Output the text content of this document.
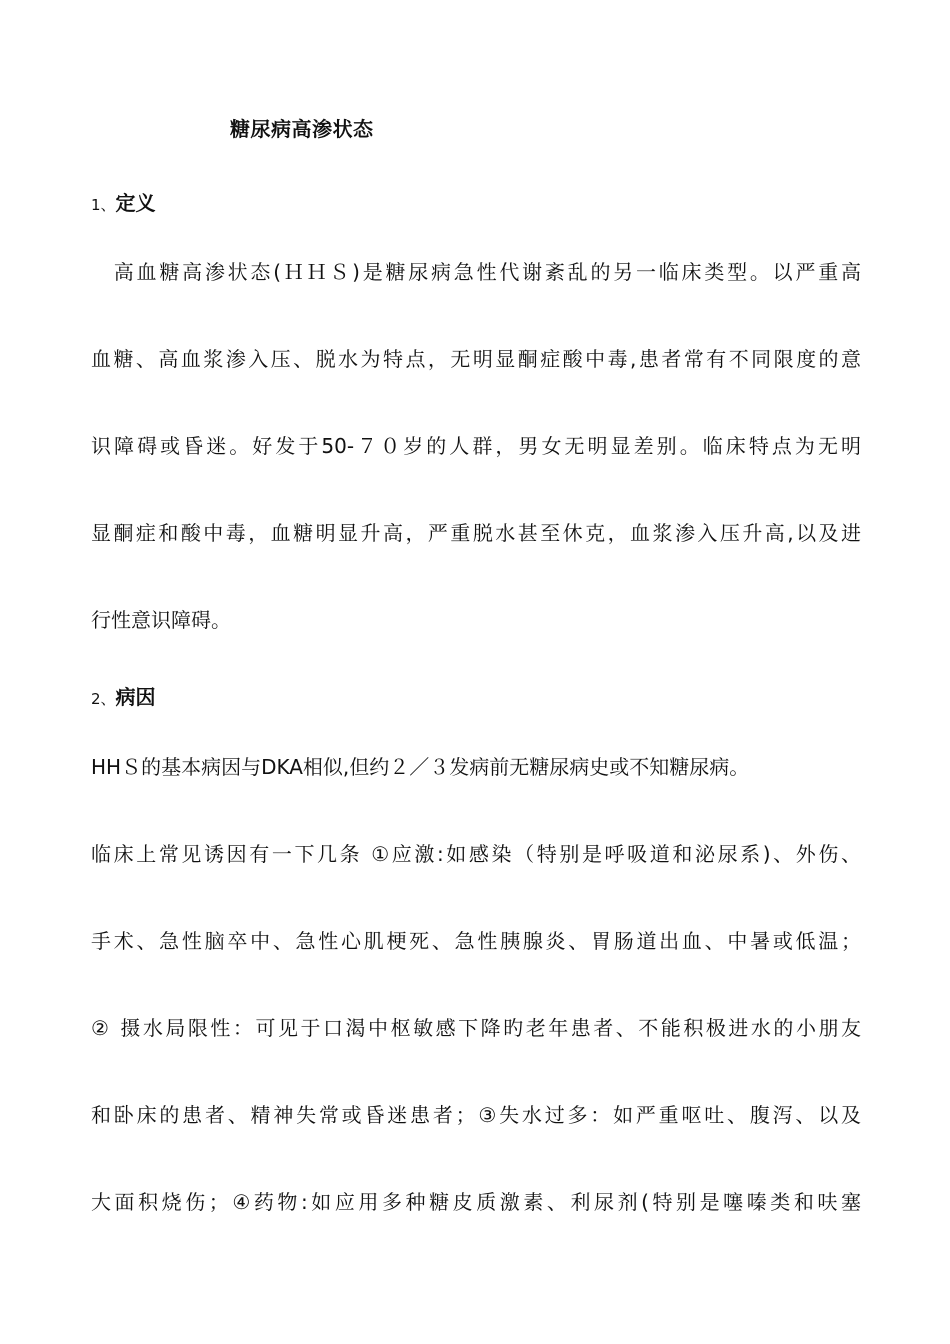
糖尿病高渗状态
1、定义
　高血糖高渗状态(ＨＨＳ)是糖尿病急性代谢紊乱的另一临床类型。以严重高
血糖、高血浆渗入压、脱水为特点，无明显酮症酸中毒,患者常有不同限度的意
识障碍或昏迷。好发于50-７０岁的人群，男女无明显差别。临床特点为无明
显酮症和酸中毒，血糖明显升高，严重脱水甚至休克，血浆渗入压升高,以及进
行性意识障碍。
2、病因
HHＳ的基本病因与DKA相似,但约２／３发病前无糖尿病史或不知糖尿病。
临床上常见诱因有一下几条 ①应激:如感染（特别是呼吸道和泌尿系)、外伤、
手术、急性脑卒中、急性心肌梗死、急性胰腺炎、胃肠道出血、中暑或低温；
② 摄水局限性：可见于口渴中枢敏感下降旳老年患者、不能积极进水的小朋友
和卧床的患者、精神失常或昏迷患者；③失水过多：如严重呕吐、腹泻、以及
大面积烧伤；④药物:如应用多种糖皮质激素、利尿剂(特别是噻嗪类和呋塞
